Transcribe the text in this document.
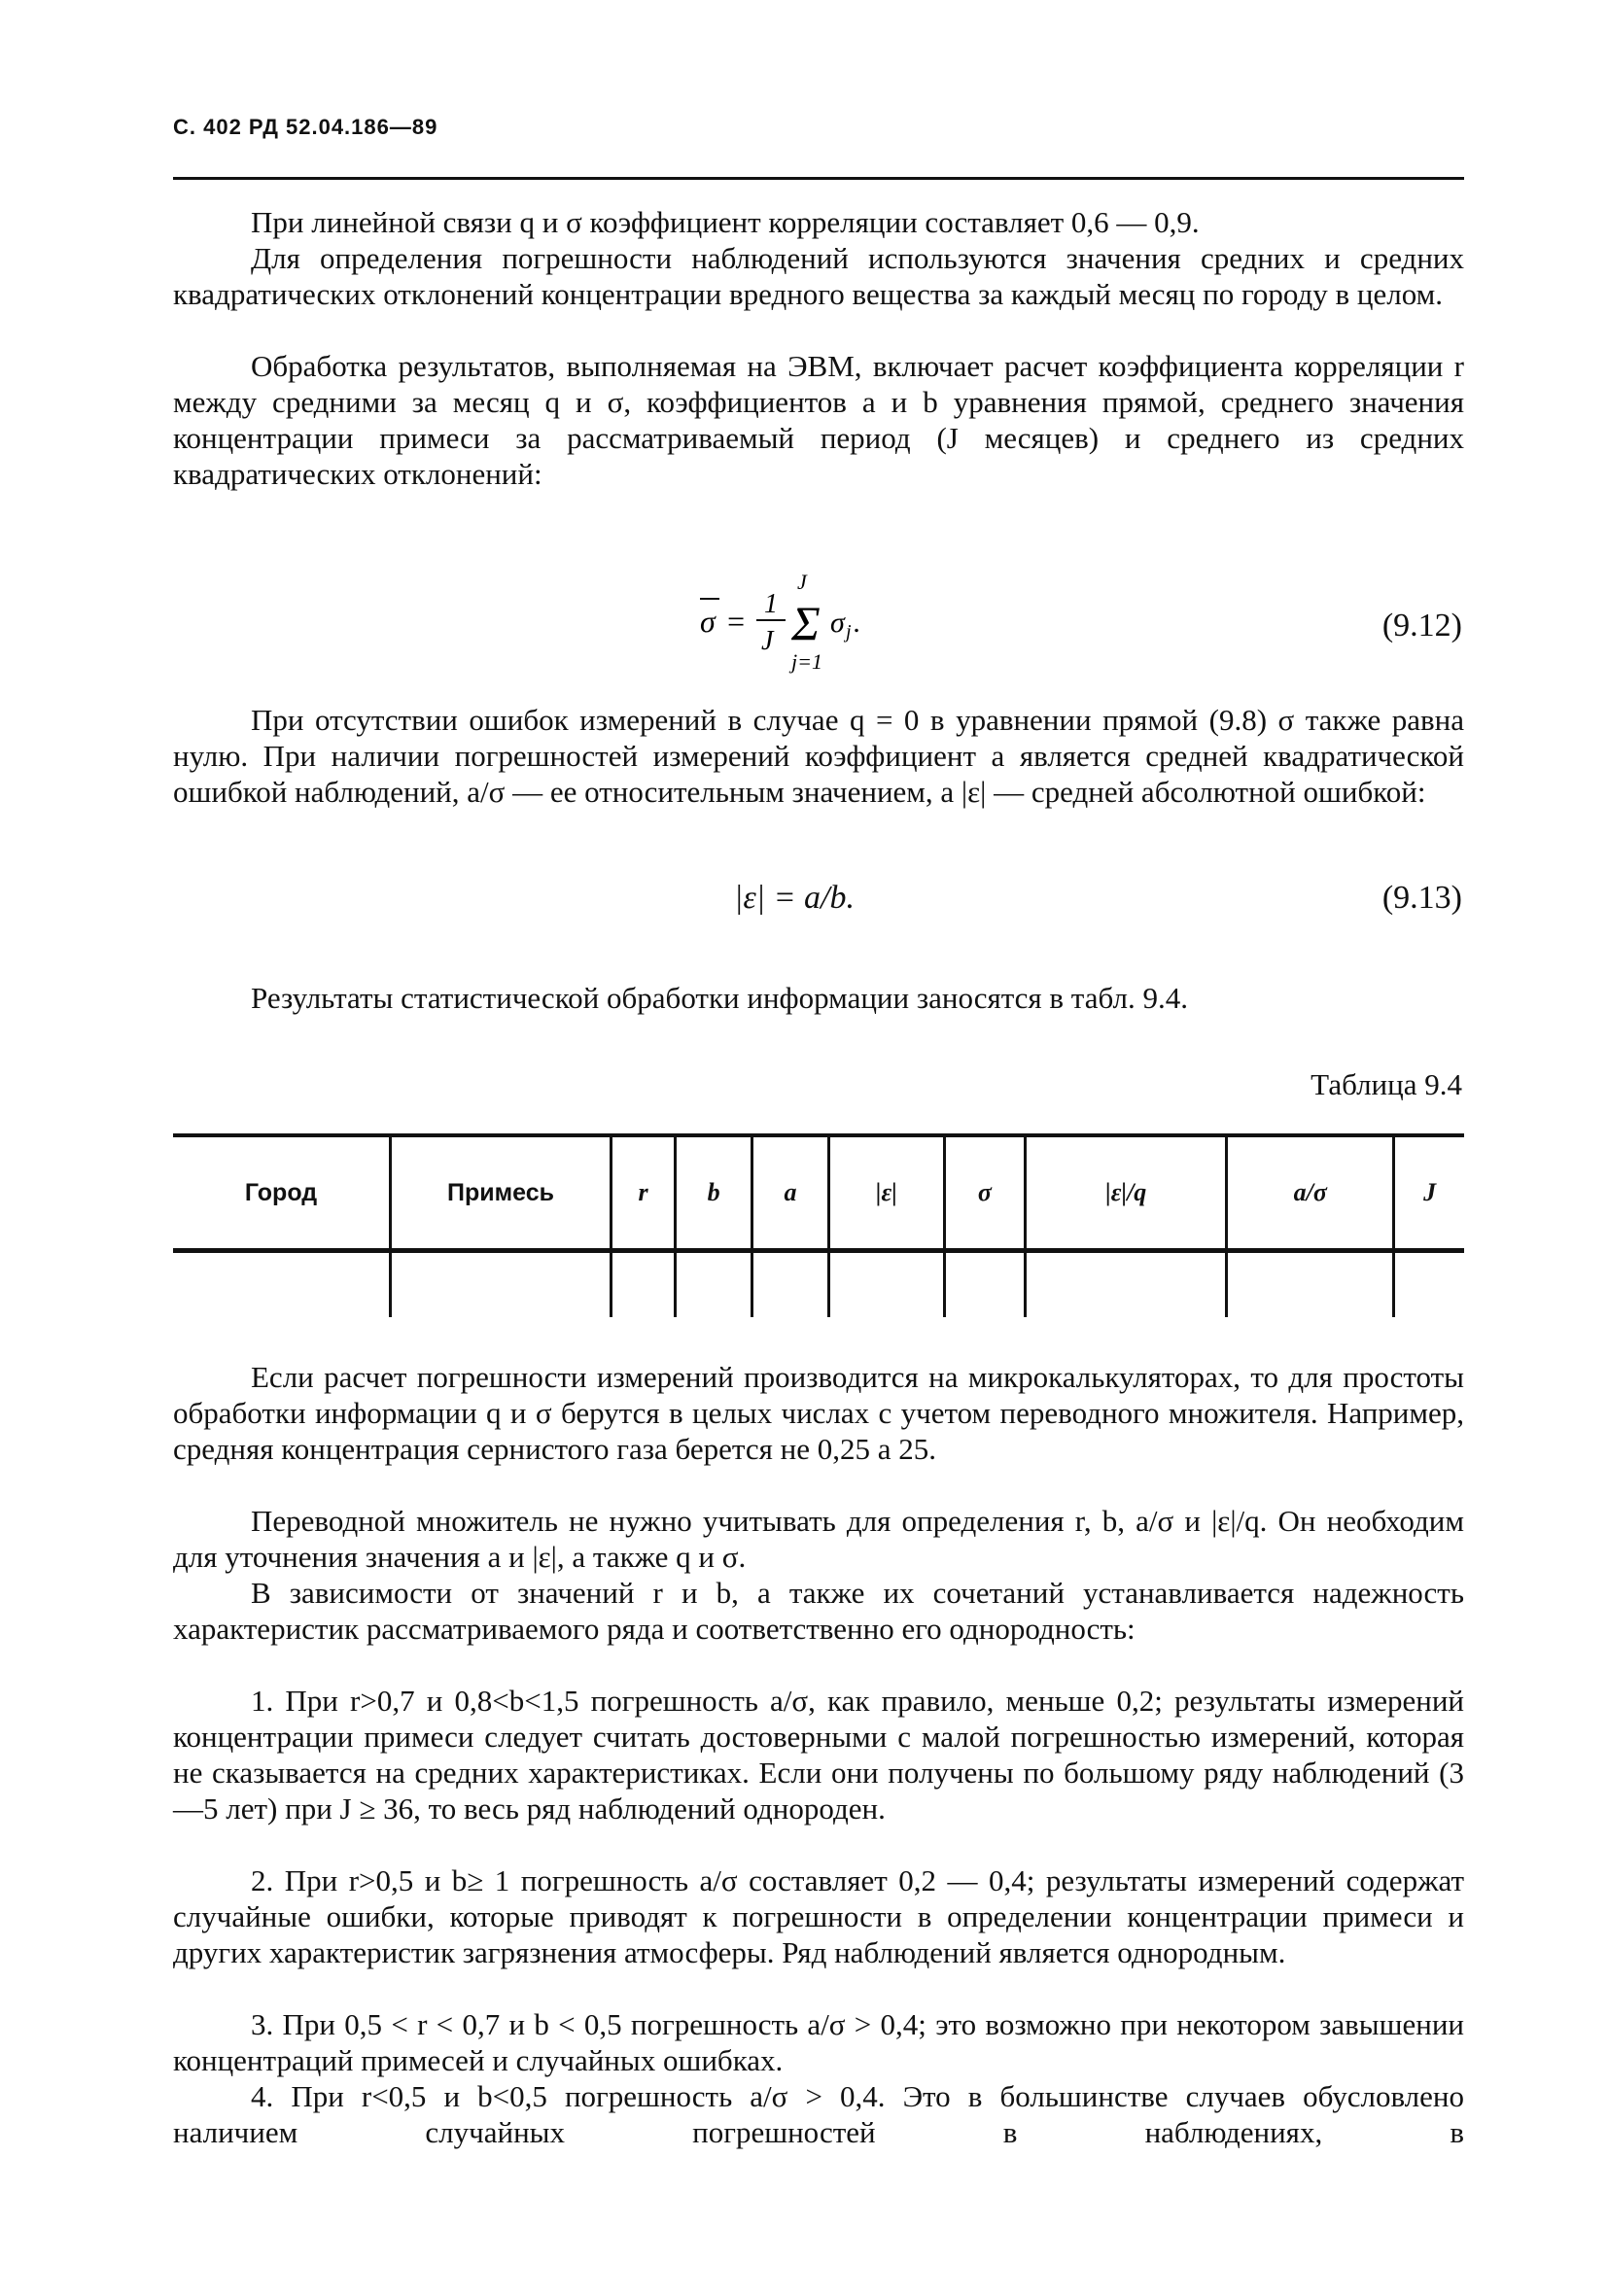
С. 402 РД 52.04.186—89
При линейной связи q и σ коэффициент корреляции составляет 0,6 — 0,9.
Для определения погрешности наблюдений используются значения средних и средних квадратических отклонений концентрации вредного вещества за каждый месяц по городу в целом.
Обработка результатов, выполняемая на ЭВМ, включает расчет коэффициента корреляции r между средними за месяц q и σ, коэффициентов a и b уравнения прямой, среднего значения концентрации примеси за рассматриваемый период (J месяцев) и среднего из средних квадратических отклонений:
σ = 1
J
J
Σ
j=1
σ j .	(9.12)
При отсутствии ошибок измерений в случае q = 0 в уравнении прямой (9.8) σ также равна нулю. При наличии погрешностей измерений коэффициент a является средней квадратической ошибкой наблюдений, a/σ — ее относительным значением, а |ε| — средней абсолютной ошибкой:
|ε| = a/b.	(9.13)
Результаты статистической обработки информации заносятся в табл. 9.4.
Таблица 9.4
Город	Примесь	r	b	a	|ε|	σ	|ε|/q	a/σ	J

Если расчет погрешности измерений производится на микрокалькуляторах, то для простоты обработки информации q и σ берутся в целых числах с учетом переводного множителя. Например, средняя концентрация сернистого газа берется не 0,25 а 25.
Переводной множитель не нужно учитывать для определения r, b, a/σ и |ε|/q. Он необходим для уточнения значения a и |ε|, а также q и σ.
В зависимости от значений r и b, а также их сочетаний устанавливается надежность характеристик рассматриваемого ряда и соответственно его однородность:
1. При r>0,7 и 0,8<b<1,5 погрешность a/σ, как правило, меньше 0,2; результаты измерений концентрации примеси следует считать достоверными с малой погрешностью измерений, которая не сказывается на средних характеристиках. Если они получены по большому ряду наблюдений (3—5 лет) при J ≥ 36, то весь ряд наблюдений однороден.
2. При r>0,5 и b≥ 1 погрешность a/σ составляет 0,2 — 0,4; результаты измерений содержат случайные ошибки, которые приводят к погрешности в определении концентрации примеси и других характеристик загрязнения атмосферы. Ряд наблюдений является однородным.
3. При 0,5 < r < 0,7 и b < 0,5 погрешность a/σ > 0,4; это возможно при некотором завышении концентраций примесей и случайных ошибках.
4. При r<0,5 и b<0,5 погрешность a/σ > 0,4. Это в большинстве случаев обусловлено наличием случайных погрешностей в наблюдениях, в
